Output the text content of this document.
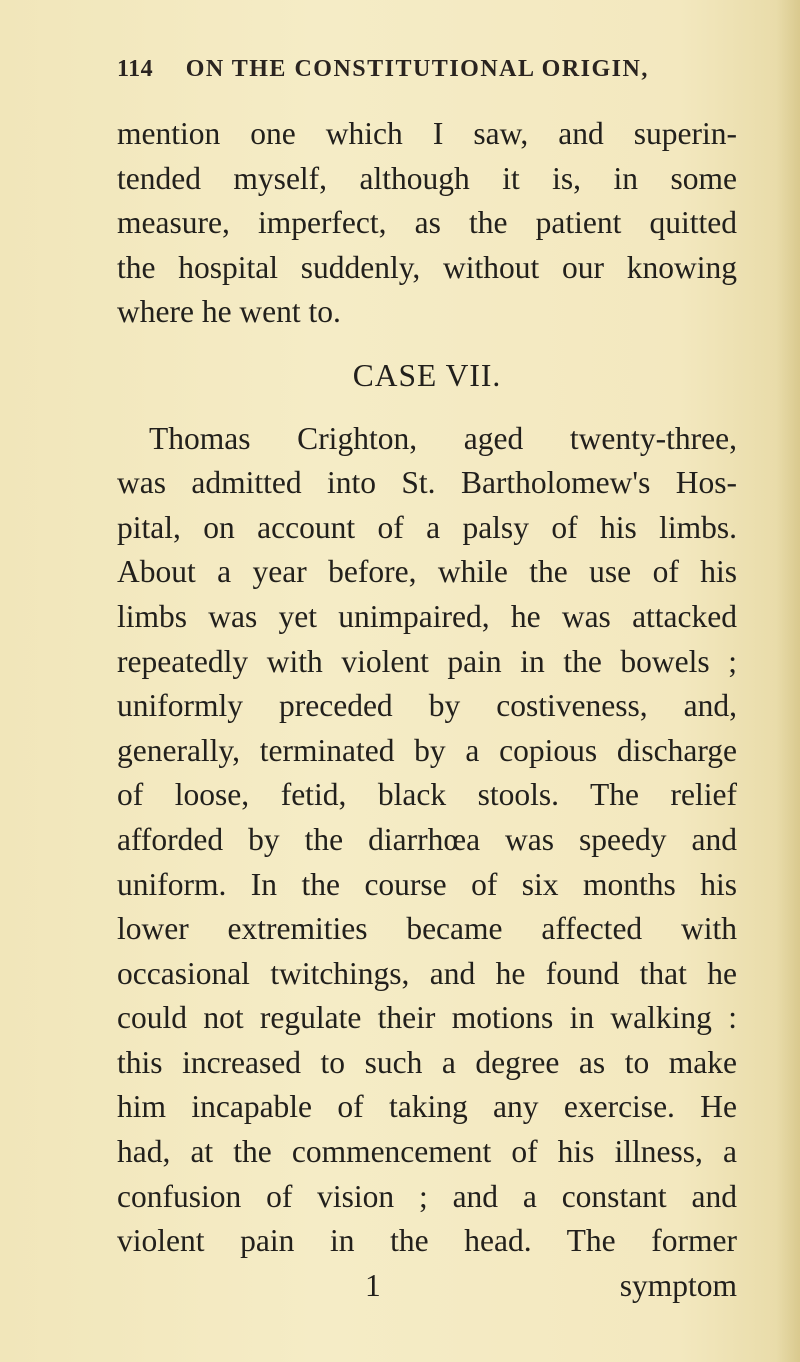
114 ON THE CONSTITUTIONAL ORIGIN,
mention one which I saw, and superin-
tended myself, although it is, in some
measure, imperfect, as the patient quitted
the hospital suddenly, without our knowing
where he went to.
CASE VII.
Thomas Crighton, aged twenty-three,
was admitted into St. Bartholomew's Hos-
pital, on account of a palsy of his limbs.
About a year before, while the use of his
limbs was yet unimpaired, he was attacked
repeatedly with violent pain in the bowels ;
uniformly preceded by costiveness, and,
generally, terminated by a copious discharge
of loose, fetid, black stools. The relief
afforded by the diarrhœa was speedy and
uniform. In the course of six months his
lower extremities became affected with
occasional twitchings, and he found that he
could not regulate their motions in walking :
this increased to such a degree as to make
him incapable of taking any exercise. He
had, at the commencement of his illness, a
confusion of vision ; and a constant and
violent pain in the head. The former
1	symptom
